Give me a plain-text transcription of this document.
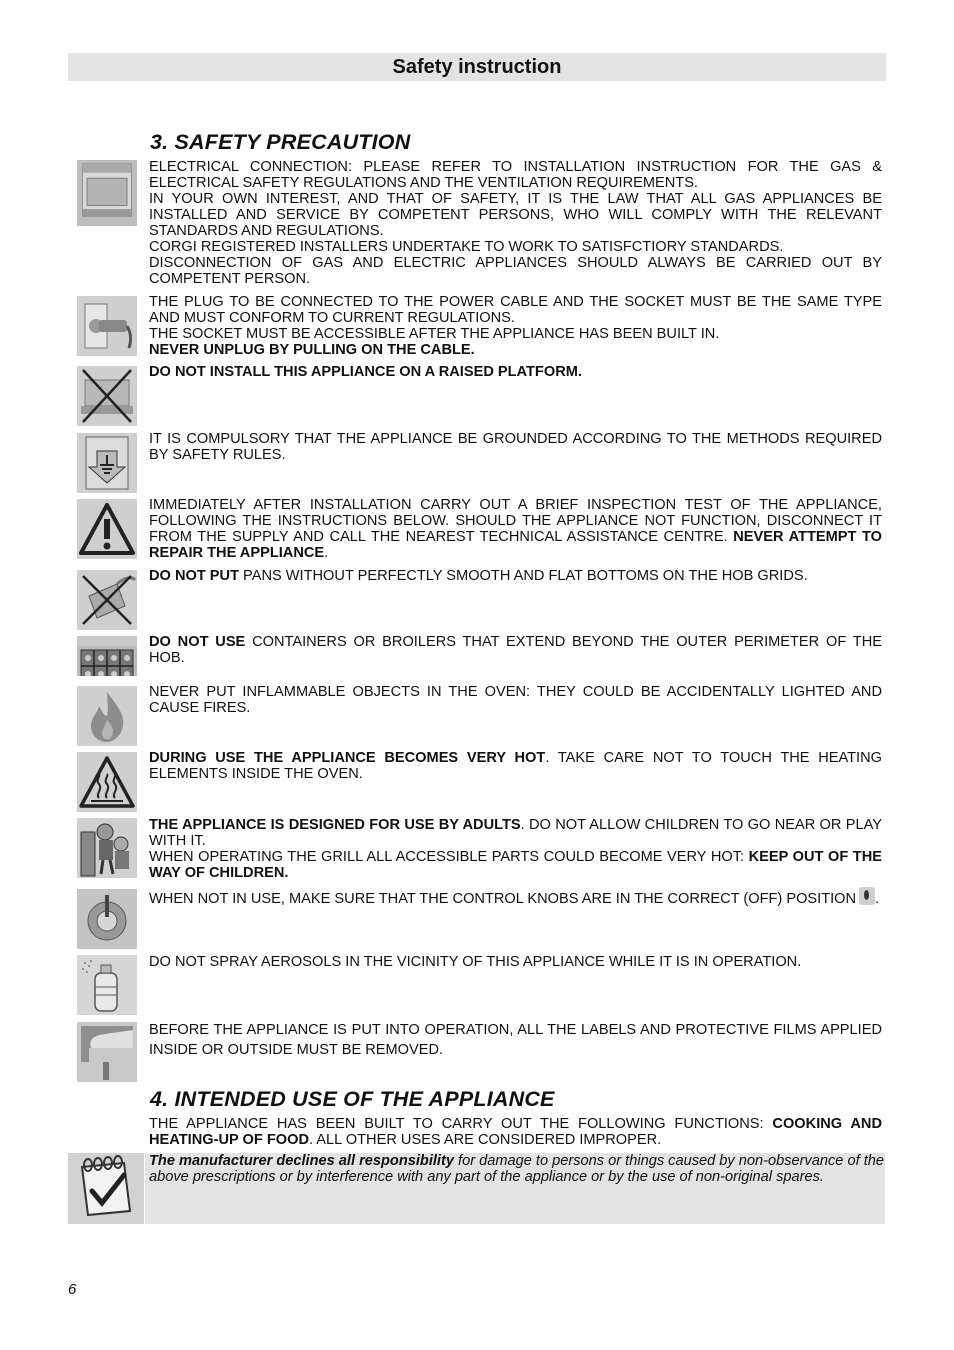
Safety instruction
3. SAFETY PRECAUTION

ELECTRICAL CONNECTION: PLEASE REFER TO INSTALLATION INSTRUCTION FOR THE GAS & ELECTRICAL SAFETY REGULATIONS AND THE VENTILATION REQUIREMENTS.

IN YOUR OWN INTEREST, AND THAT OF SAFETY, IT IS THE LAW THAT ALL GAS APPLIANCES BE INSTALLED AND SERVICE BY COMPETENT PERSONS, WHO WILL COMPLY WITH THE RELEVANT STANDARDS AND REGULATIONS.

CORGI REGISTERED INSTALLERS UNDERTAKE TO WORK TO SATISFCTIORY STANDARDS.

DISCONNECTION OF GAS AND ELECTRIC APPLIANCES SHOULD ALWAYS BE CARRIED OUT BY COMPETENT PERSON.

THE PLUG TO BE CONNECTED TO THE POWER CABLE AND THE SOCKET MUST BE THE SAME TYPE AND MUST CONFORM TO CURRENT REGULATIONS.

THE SOCKET MUST BE ACCESSIBLE AFTER THE APPLIANCE HAS BEEN BUILT IN.

NEVER UNPLUG BY PULLING ON THE CABLE.

DO NOT INSTALL THIS APPLIANCE ON A RAISED PLATFORM.

IT IS COMPULSORY THAT THE APPLIANCE BE GROUNDED ACCORDING TO THE METHODS REQUIRED BY SAFETY RULES.

IMMEDIATELY AFTER INSTALLATION CARRY OUT A BRIEF INSPECTION TEST OF THE APPLIANCE, FOLLOWING THE INSTRUCTIONS BELOW. SHOULD THE APPLIANCE NOT FUNCTION, DISCONNECT IT FROM THE SUPPLY AND CALL THE NEAREST TECHNICAL ASSISTANCE CENTRE. NEVER ATTEMPT TO REPAIR THE APPLIANCE.

DO NOT PUT PANS WITHOUT PERFECTLY SMOOTH AND FLAT BOTTOMS ON THE HOB GRIDS.

DO NOT USE CONTAINERS OR BROILERS THAT EXTEND BEYOND THE OUTER PERIMETER OF THE HOB.

NEVER PUT INFLAMMABLE OBJECTS IN THE OVEN: THEY COULD BE ACCIDENTALLY LIGHTED AND CAUSE FIRES.

DURING USE THE APPLIANCE BECOMES VERY HOT. TAKE CARE NOT TO TOUCH THE HEATING ELEMENTS INSIDE THE OVEN.

THE APPLIANCE IS DESIGNED FOR USE BY ADULTS. DO NOT ALLOW CHILDREN TO GO NEAR OR PLAY WITH IT.

WHEN OPERATING THE GRILL ALL ACCESSIBLE PARTS COULD BECOME VERY HOT: KEEP OUT OF THE WAY OF CHILDREN.

WHEN NOT IN USE, MAKE SURE THAT THE CONTROL KNOBS ARE IN THE CORRECT (OFF) POSITION .

DO NOT SPRAY AEROSOLS IN THE VICINITY OF THIS APPLIANCE WHILE IT IS IN OPERATION.

BEFORE THE APPLIANCE IS PUT INTO OPERATION, ALL THE LABELS AND PROTECTIVE FILMS APPLIED INSIDE OR OUTSIDE MUST BE REMOVED.

4. INTENDED USE OF THE APPLIANCE

THE APPLIANCE HAS BEEN BUILT TO CARRY OUT THE FOLLOWING FUNCTIONS: COOKING AND HEATING-UP OF FOOD. ALL OTHER USES ARE CONSIDERED IMPROPER.

The manufacturer declines all responsibility for damage to persons or things caused by non-observance of the above prescriptions or by interference with any part of the appliance or by the use of non-original spares.

6
